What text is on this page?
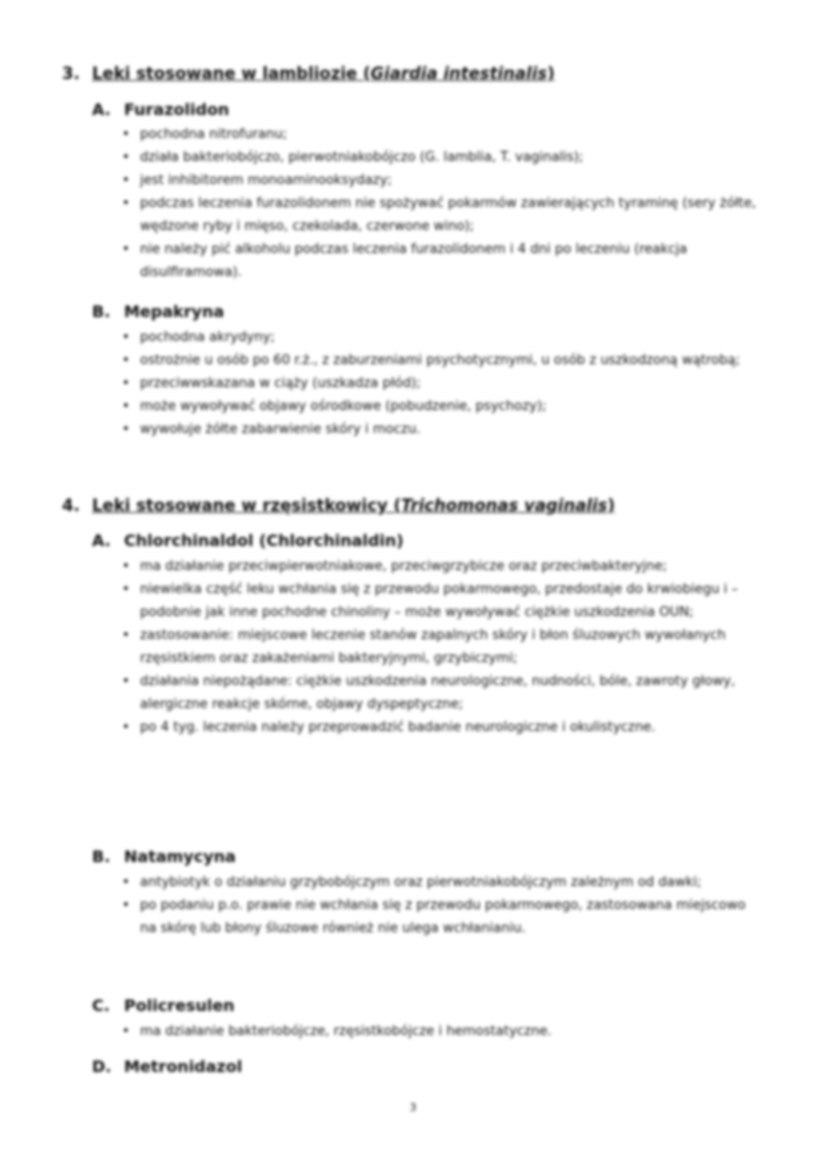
3. Leki stosowane w lambliozie (Giardia intestinalis)
A. Furazolidon
• pochodna nitrofuranu;
• działa bakteriobójczo, pierwotniakobójczo (G. lamblia, T. vaginalis);
• jest inhibitorem monoaminooksydazy;
• podczas leczenia furazolidonem nie spożywać pokarmów zawierających tyraminę (sery żółte, wędzone ryby i mięso, czekolada, czerwone wino);
• nie należy pić alkoholu podczas leczenia furazolidonem i 4 dni po leczeniu (reakcja disulfiramowa).
B. Mepakryna
• pochodna akrydyny;
• ostrożnie u osób po 60 r.ż., z zaburzeniami psychotycznymi, u osób z uszkodzoną wątrobą;
• przeciwwskazana w ciąży (uszkadza płód);
• może wywoływać objawy ośrodkowe (pobudzenie, psychozy);
• wywołuje żółte zabarwienie skóry i moczu.
4. Leki stosowane w rzęsistkowicy (Trichomonas vaginalis)
A. Chlorchinaldol (Chlorchinaldin)
• ma działanie przeciwpierwotniakowe, przeciwgrzybicze oraz przeciwbakteryjne;
• niewielka część leku wchłania się z przewodu pokarmowego, przedostaje do krwiobiegu i – podobnie jak inne pochodne chinoliny – może wywoływać ciężkie uszkodzenia OUN;
• zastosowanie: miejscowe leczenie stanów zapalnych skóry i błon śluzowych wywołanych rzęsistkiem oraz zakażeniami bakteryjnymi, grzybiczymi;
• działania niepożądane: ciężkie uszkodzenia neurologiczne, nudności, bóle, zawroty głowy, alergiczne reakcje skórne, objawy dyspeptyczne;
• po 4 tyg. leczenia należy przeprowadzić badanie neurologiczne i okulistyczne.
B. Natamycyna
• antybiotyk o działaniu grzybobójczym oraz pierwotniakobójczym zależnym od dawki;
• po podaniu p.o. prawie nie wchłania się z przewodu pokarmowego, zastosowana miejscowo na skórę lub błony śluzowe również nie ulega wchłanianiu.
C. Policresulen
• ma działanie bakteriobójcze, rzęsistkobójcze i hemostatyczne.
D. Metronidazol
3
